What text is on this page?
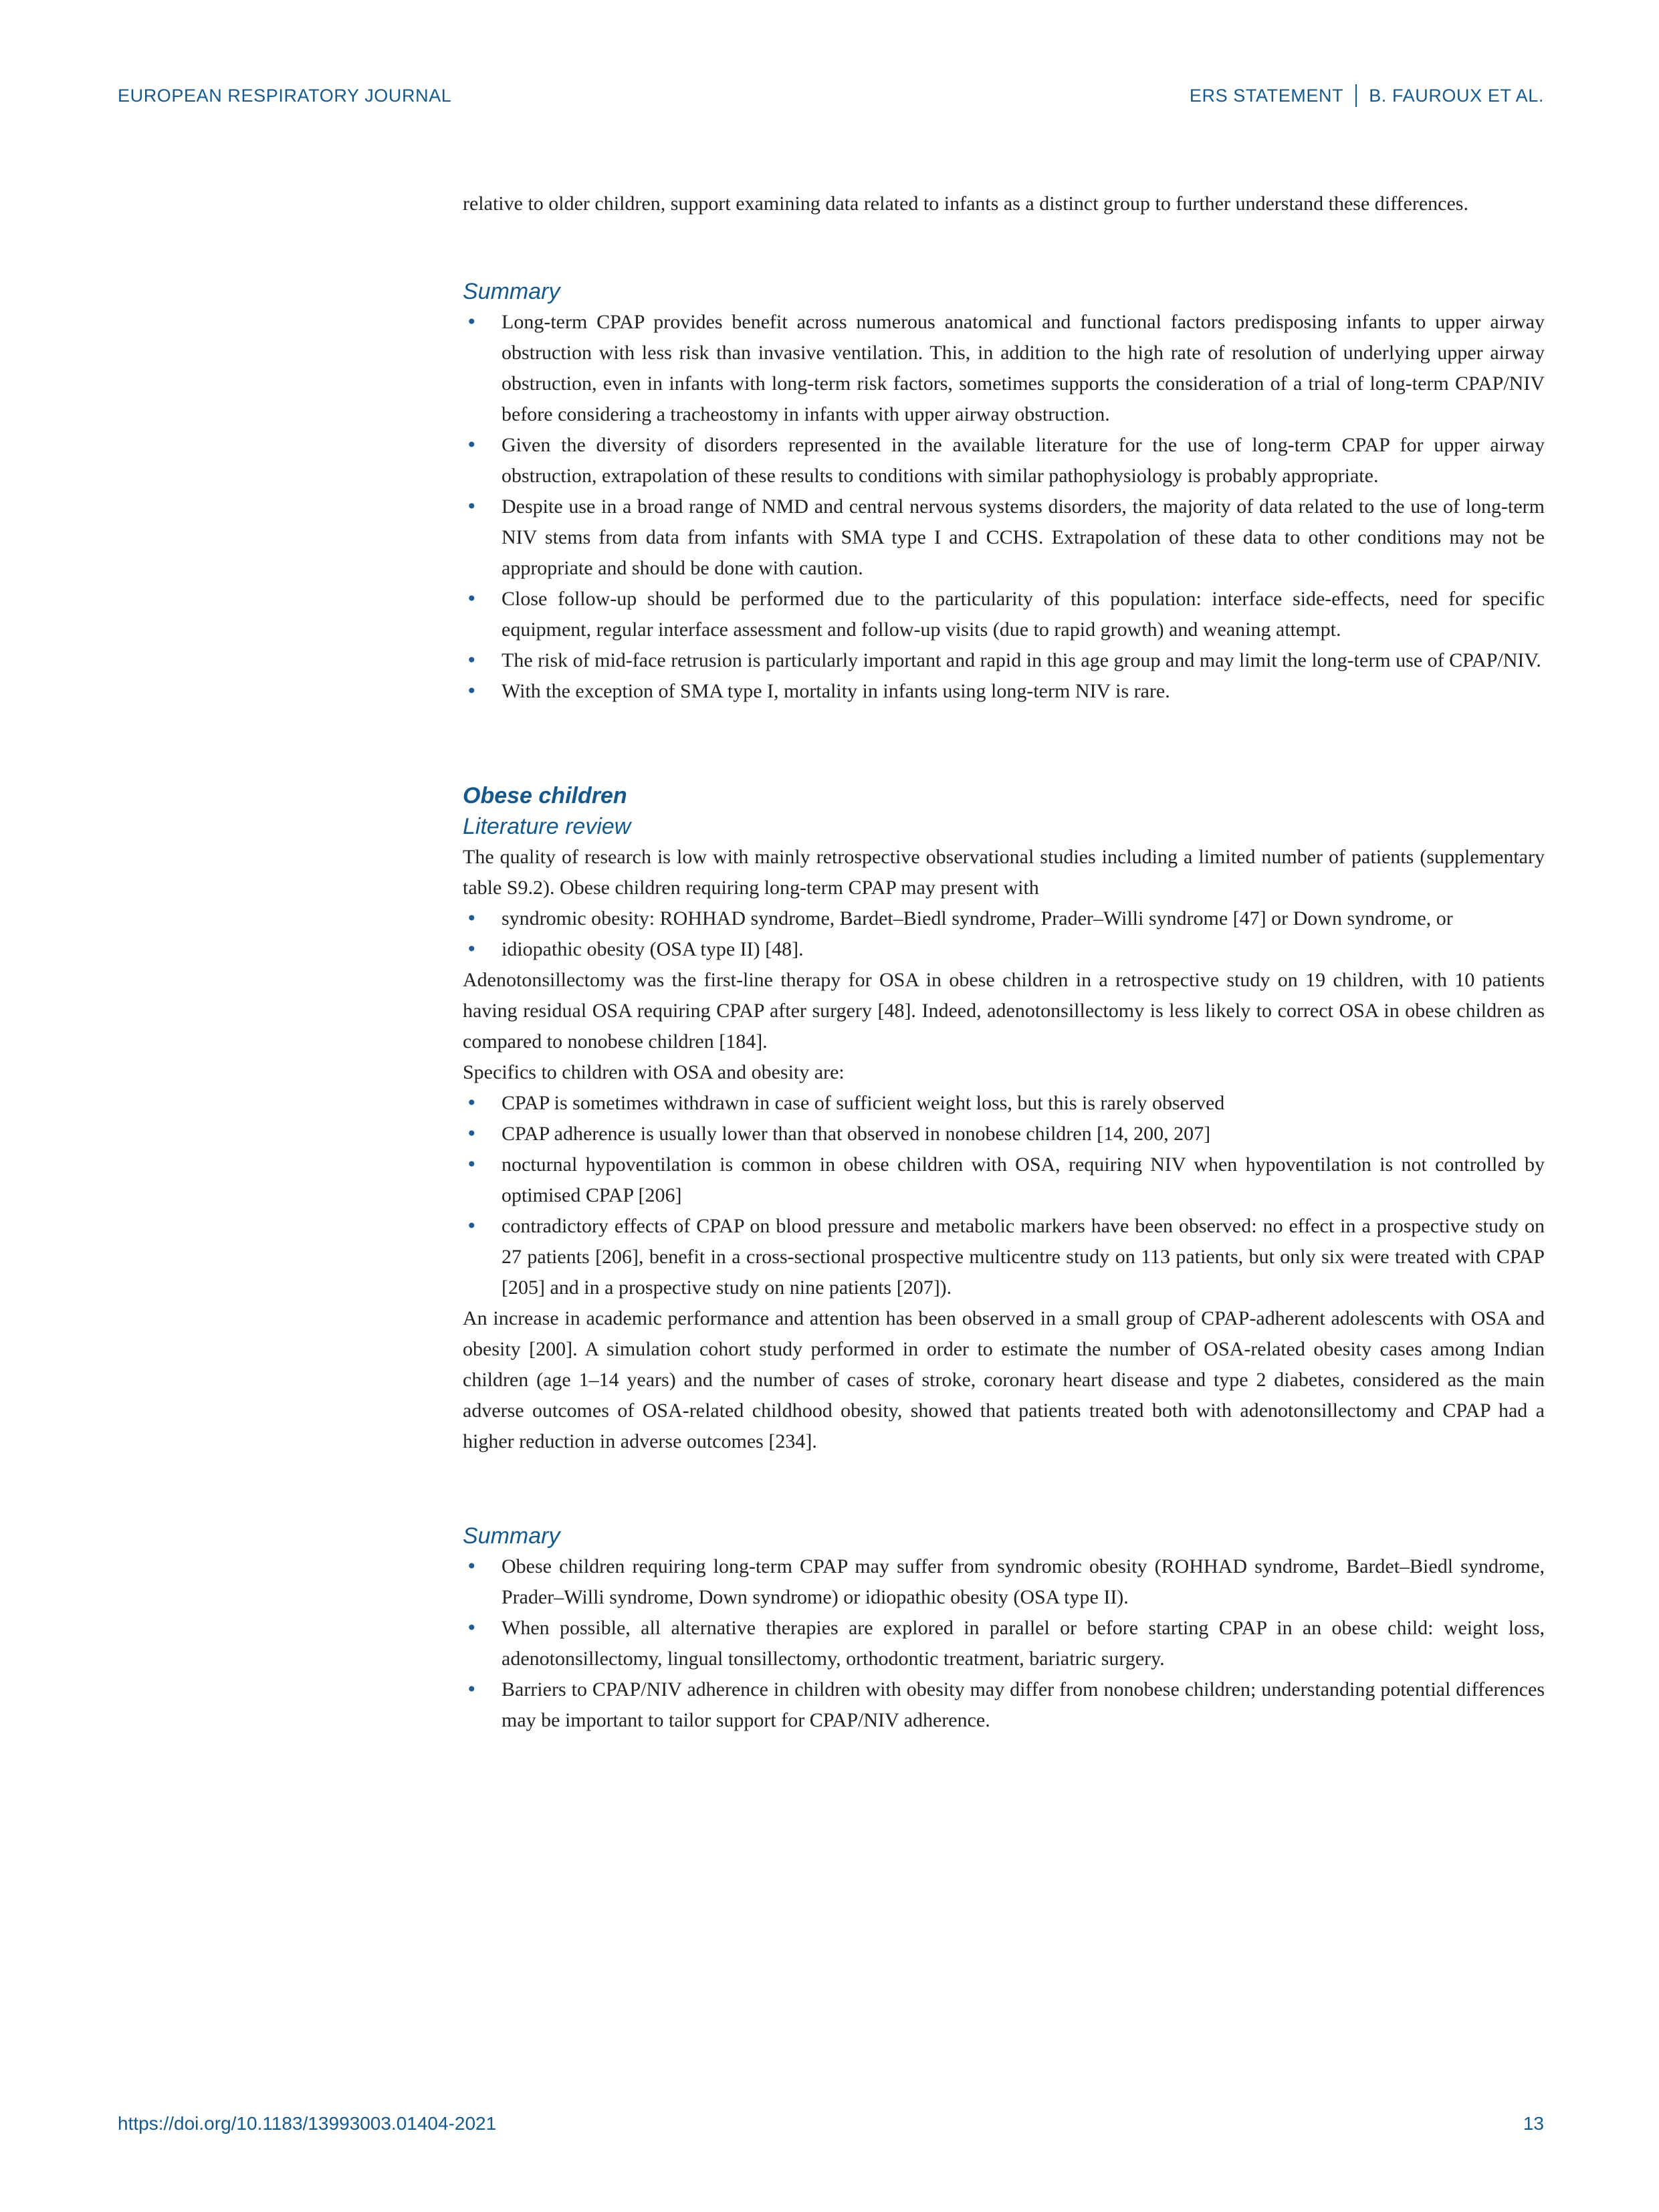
EUROPEAN RESPIRATORY JOURNAL	ERS STATEMENT B. FAUROUX ET AL.

relative to older children, support examining data related to infants as a distinct group to further understand these differences.

Summary
• Long-term CPAP provides benefit across numerous anatomical and functional factors predisposing infants to upper airway obstruction with less risk than invasive ventilation. This, in addition to the high rate of resolution of underlying upper airway obstruction, even in infants with long-term risk factors, sometimes supports the consideration of a trial of long-term CPAP/NIV before considering a tracheostomy in infants with upper airway obstruction.
• Given the diversity of disorders represented in the available literature for the use of long-term CPAP for upper airway obstruction, extrapolation of these results to conditions with similar pathophysiology is probably appropriate.
• Despite use in a broad range of NMD and central nervous systems disorders, the majority of data related to the use of long-term NIV stems from data from infants with SMA type I and CCHS. Extrapolation of these data to other conditions may not be appropriate and should be done with caution.
• Close follow-up should be performed due to the particularity of this population: interface side-effects, need for specific equipment, regular interface assessment and follow-up visits (due to rapid growth) and weaning attempt.
• The risk of mid-face retrusion is particularly important and rapid in this age group and may limit the long-term use of CPAP/NIV.
• With the exception of SMA type I, mortality in infants using long-term NIV is rare.
Obese children
Literature review

The quality of research is low with mainly retrospective observational studies including a limited number of patients (supplementary table S9.2). Obese children requiring long-term CPAP may present with

• syndromic obesity: ROHHAD syndrome, Bardet–Biedl syndrome, Prader–Willi syndrome [47] or Down syndrome, or
• idiopathic obesity (OSA type II) [48].

Adenotonsillectomy was the first-line therapy for OSA in obese children in a retrospective study on 19 children, with 10 patients having residual OSA requiring CPAP after surgery [48]. Indeed, adenotonsillectomy is less likely to correct OSA in obese children as compared to nonobese children [184].

Specifics to children with OSA and obesity are:

• CPAP is sometimes withdrawn in case of sufficient weight loss, but this is rarely observed
• CPAP adherence is usually lower than that observed in nonobese children [14, 200, 207]
• nocturnal hypoventilation is common in obese children with OSA, requiring NIV when hypoventilation is not controlled by optimised CPAP [206]
• contradictory effects of CPAP on blood pressure and metabolic markers have been observed: no effect in a prospective study on 27 patients [206], benefit in a cross-sectional prospective multicentre study on 113 patients, but only six were treated with CPAP [205] and in a prospective study on nine patients [207]).

An increase in academic performance and attention has been observed in a small group of CPAP-adherent adolescents with OSA and obesity [200]. A simulation cohort study performed in order to estimate the number of OSA-related obesity cases among Indian children (age 1–14 years) and the number of cases of stroke, coronary heart disease and type 2 diabetes, considered as the main adverse outcomes of OSA-related childhood obesity, showed that patients treated both with adenotonsillectomy and CPAP had a higher reduction in adverse outcomes [234].

Summary
• Obese children requiring long-term CPAP may suffer from syndromic obesity (ROHHAD syndrome, Bardet–Biedl syndrome, Prader–Willi syndrome, Down syndrome) or idiopathic obesity (OSA type II).
• When possible, all alternative therapies are explored in parallel or before starting CPAP in an obese child: weight loss, adenotonsillectomy, lingual tonsillectomy, orthodontic treatment, bariatric surgery.
• Barriers to CPAP/NIV adherence in children with obesity may differ from nonobese children; understanding potential differences may be important to tailor support for CPAP/NIV adherence.
https://doi.org/10.1183/13993003.01404-2021	13
